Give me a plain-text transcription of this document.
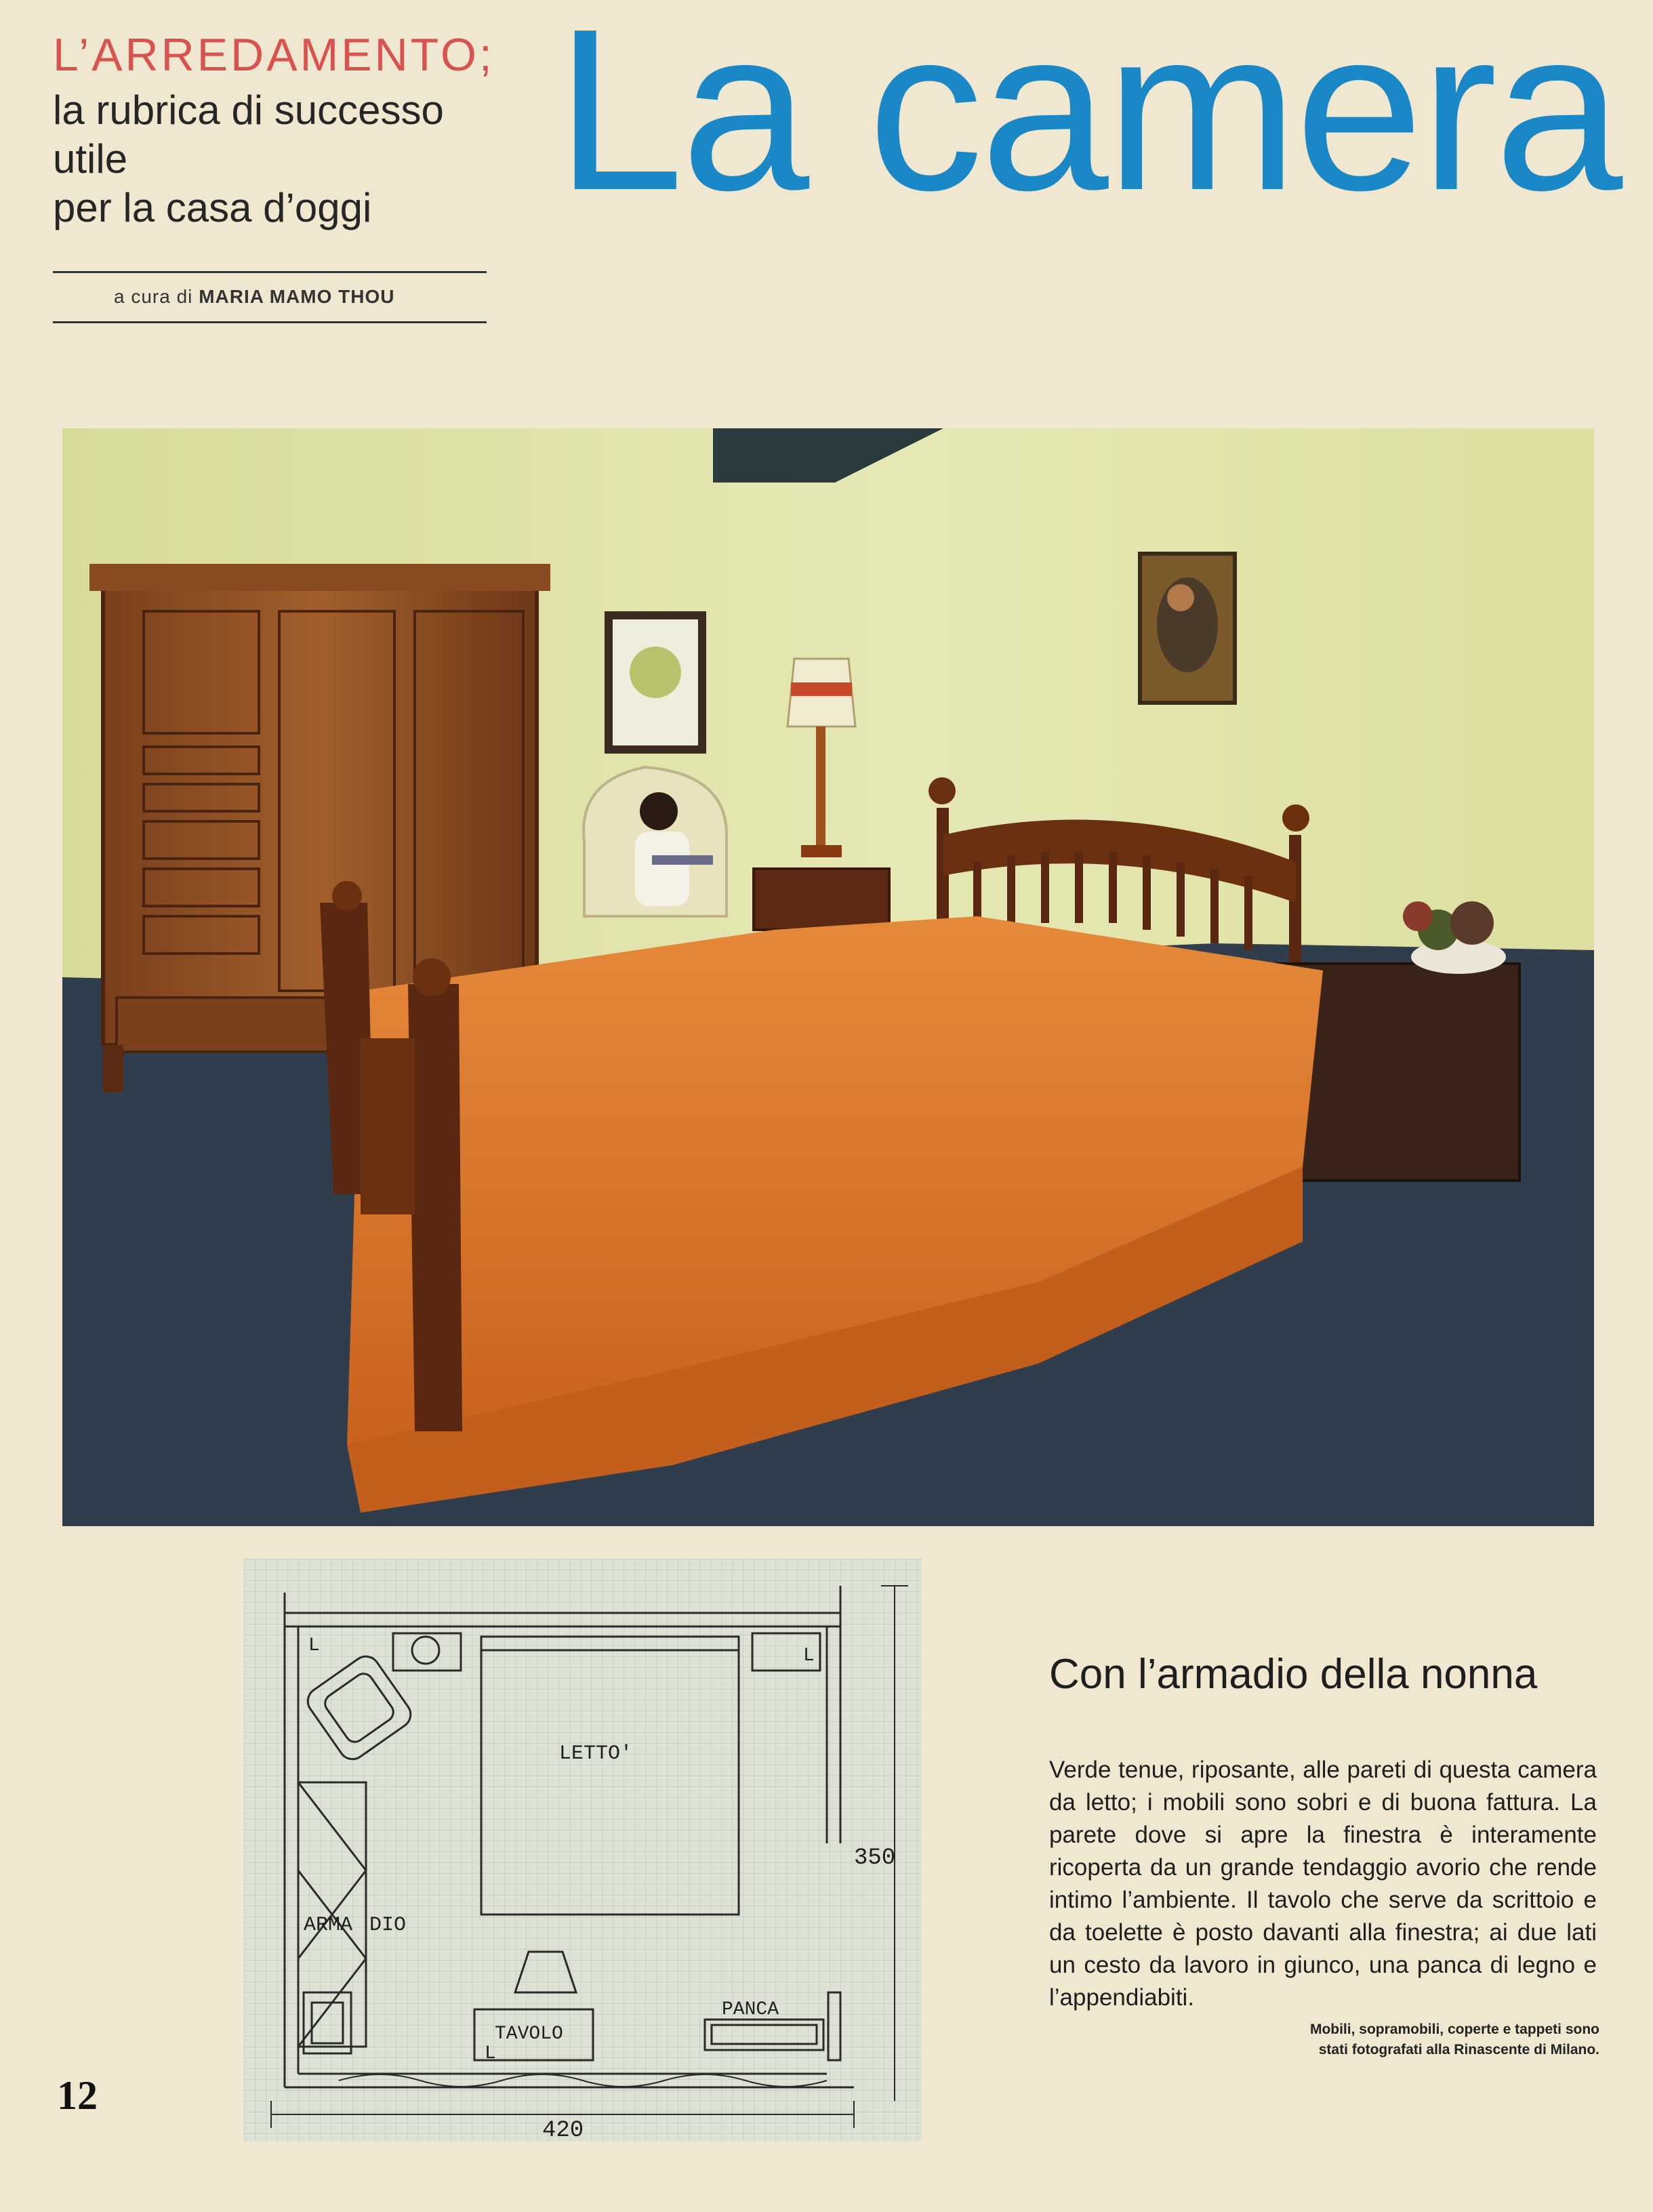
L’ARREDAMENTO;
la rubrica di successo
utile
per la casa d’oggi
a cura di MARIA MAMO THOU
La camera
LETTO'
ARMA DIO
TAVOLO
PANCA
L	L
L
350
420
Con l’armadio della nonna
Verde tenue, riposante, alle pareti di questa camera da letto; i mobili sono sobri e di buona fattura. La parete dove si apre la finestra è interamente ricoperta da un grande tendaggio avorio che rende intimo l’ambiente. Il tavolo che serve da scrittoio e da toelette è posto davanti alla finestra; ai due lati un cesto da lavoro in giunco, una panca di legno e l’appendiabiti.
Mobili, sopramobili, coperte e tappeti sono
stati fotografati alla Rinascente di Milano.
12
